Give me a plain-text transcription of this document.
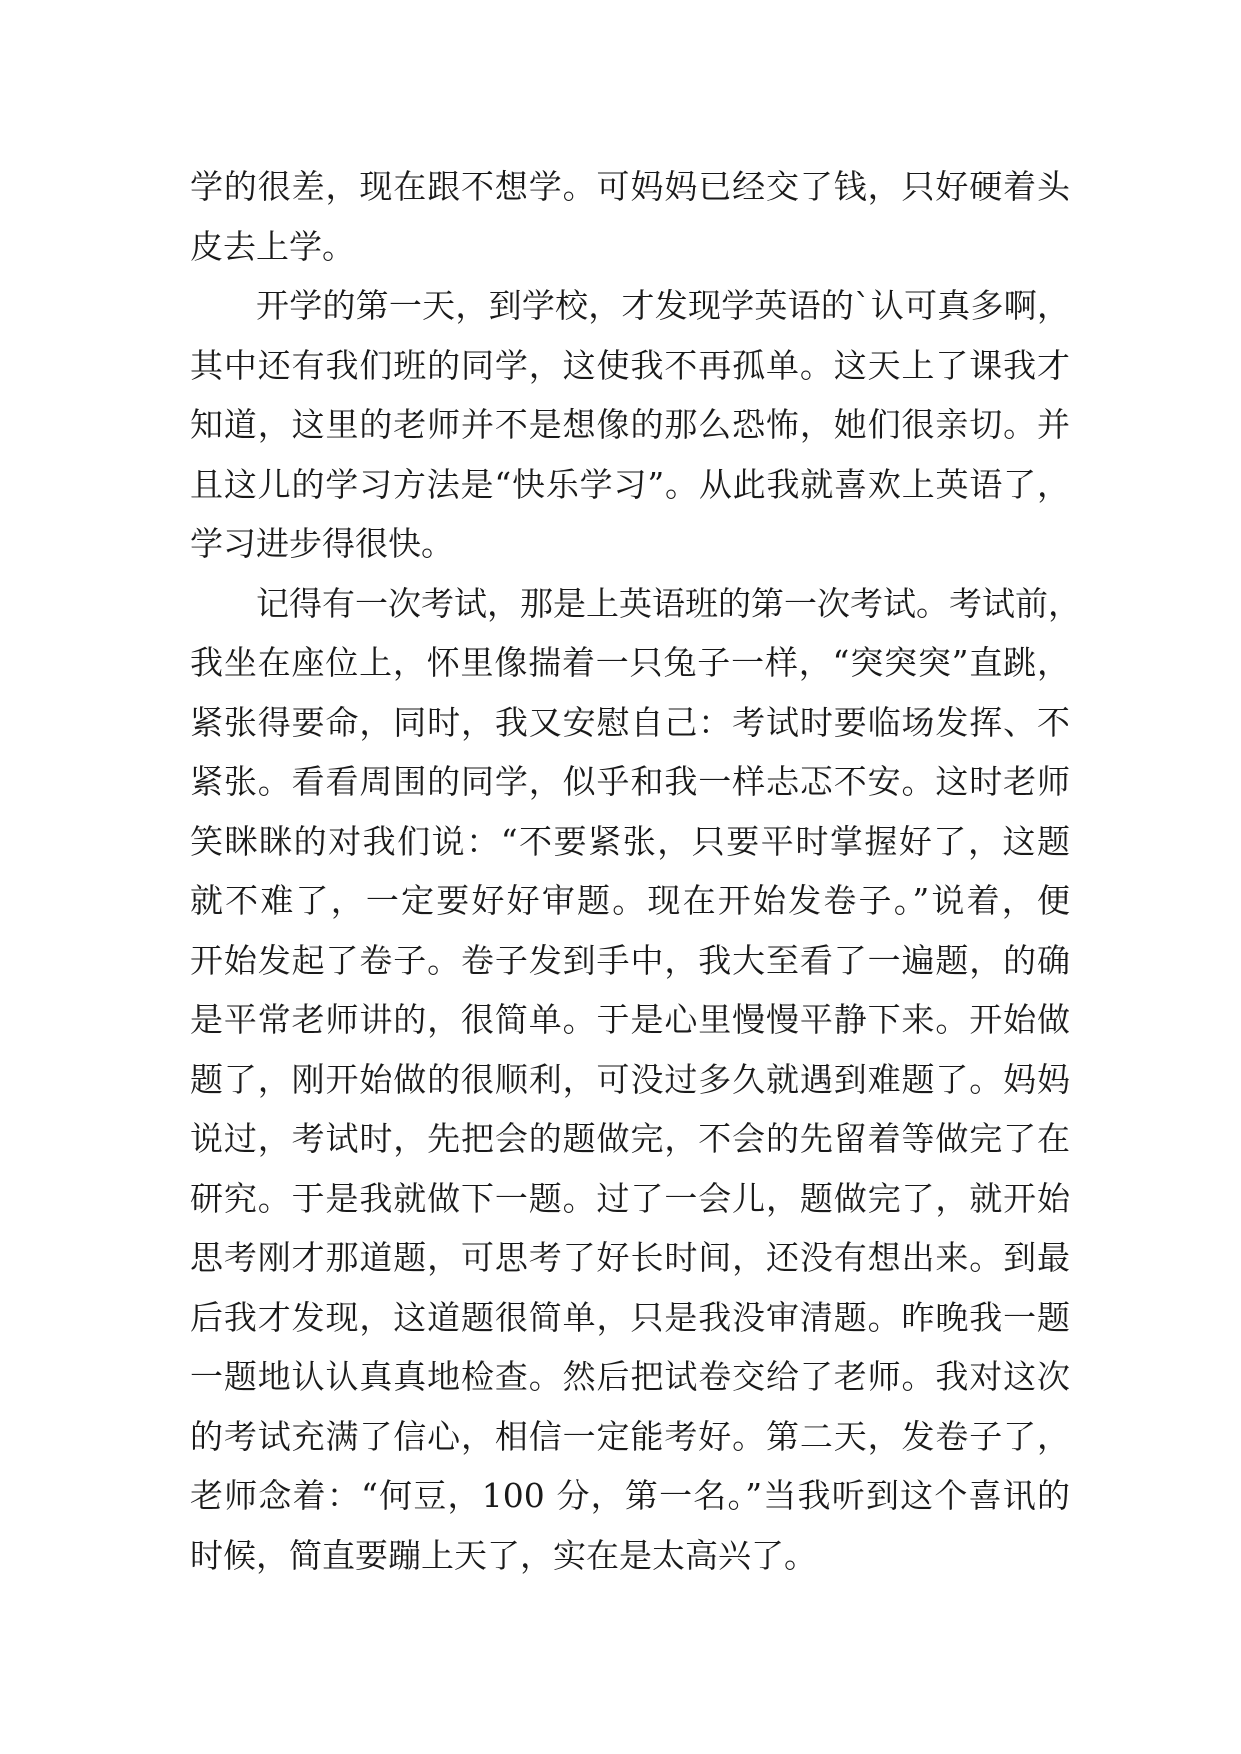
学的很差，现在跟不想学。可妈妈已经交了钱，只好硬着头
皮去上学。
开学的第一天，到学校，才发现学英语的`认可真多啊，
其中还有我们班的同学，这使我不再孤单。这天上了课我才
知道，这里的老师并不是想像的那么恐怖，她们很亲切。并
且这儿的学习方法是“快乐学习”。从此我就喜欢上英语了，
学习进步得很快。
记得有一次考试，那是上英语班的第一次考试。考试前，
我坐在座位上，怀里像揣着一只兔子一样，“突突突”直跳，
紧张得要命，同时，我又安慰自己：考试时要临场发挥、不
紧张。看看周围的同学，似乎和我一样忐忑不安。这时老师
笑眯眯的对我们说：“不要紧张，只要平时掌握好了，这题
就不难了，一定要好好审题。现在开始发卷子。”说着，便
开始发起了卷子。卷子发到手中，我大至看了一遍题，的确
是平常老师讲的，很简单。于是心里慢慢平静下来。开始做
题了，刚开始做的很顺利，可没过多久就遇到难题了。妈妈
说过，考试时，先把会的题做完，不会的先留着等做完了在
研究。于是我就做下一题。过了一会儿，题做完了，就开始
思考刚才那道题，可思考了好长时间，还没有想出来。到最
后我才发现，这道题很简单，只是我没审清题。昨晚我一题
一题地认认真真地检查。然后把试卷交给了老师。我对这次
的考试充满了信心，相信一定能考好。第二天，发卷子了，
老师念着：“何豆，100 分，第一名。”当我听到这个喜讯的
时候，简直要蹦上天了，实在是太高兴了。
